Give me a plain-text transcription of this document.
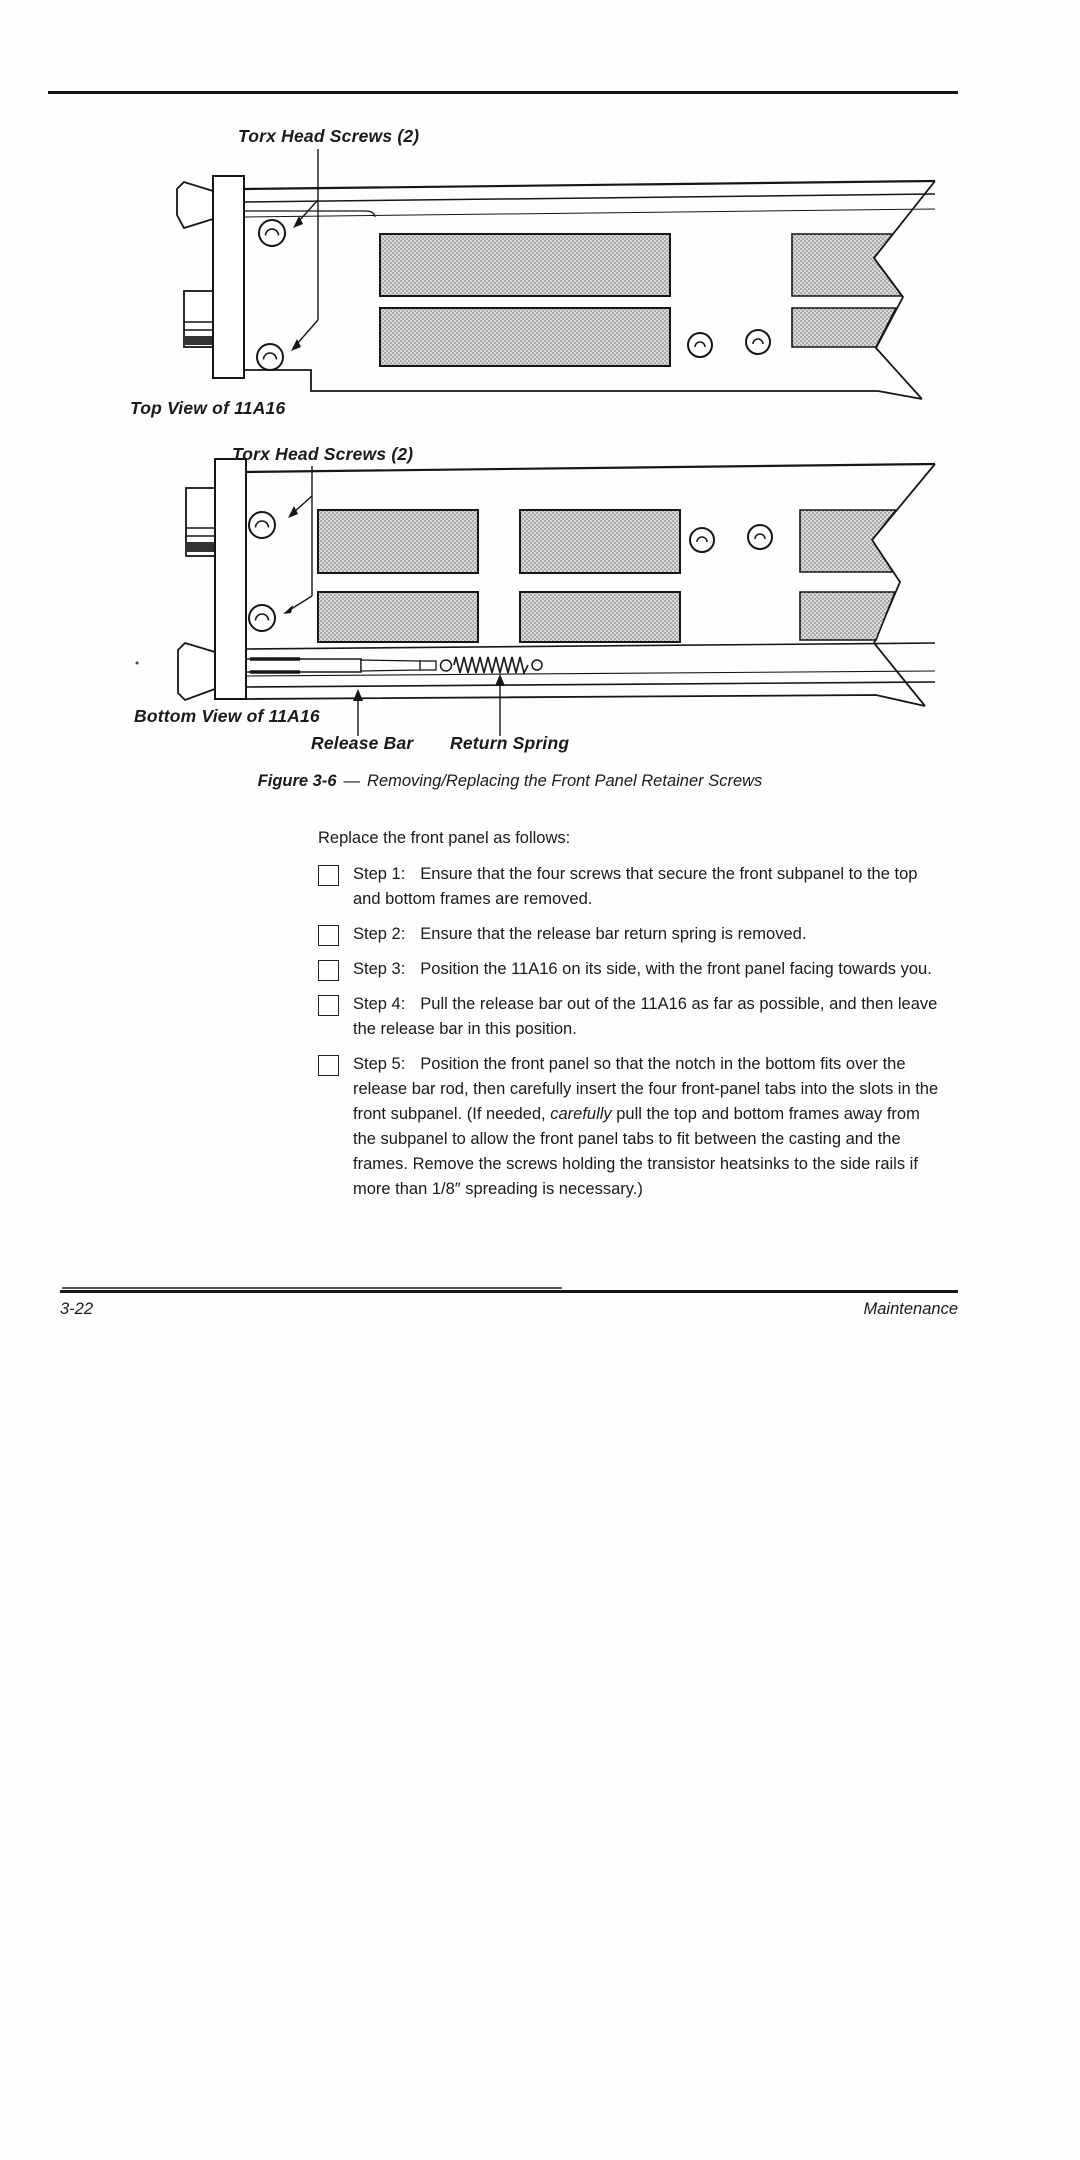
Torx Head Screws (2)
Top View of 11A16
Torx Head Screws (2)
Bottom View of 11A16
Release Bar Return Spring
Figure 3-6 — Removing/Replacing the Front Panel Retainer Screws

Replace the front panel as follows:

Step 1: Ensure that the four screws that secure the front subpanel to the top and bottom frames are removed.
Step 2: Ensure that the release bar return spring is removed.
Step 3: Position the 11A16 on its side, with the front panel facing towards you.
Step 4: Pull the release bar out of the 11A16 as far as possible, and then leave the release bar in this position.
Step 5: Position the front panel so that the notch in the bottom fits over the release bar rod, then carefully insert the four front-panel tabs into the slots in the front subpanel. (If needed, carefully pull the top and bottom frames away from the subpanel to allow the front panel tabs to fit between the casting and the frames. Remove the screws holding the transistor heatsinks to the side rails if more than 1/8″ spreading is necessary.)
3-22	Maintenance
